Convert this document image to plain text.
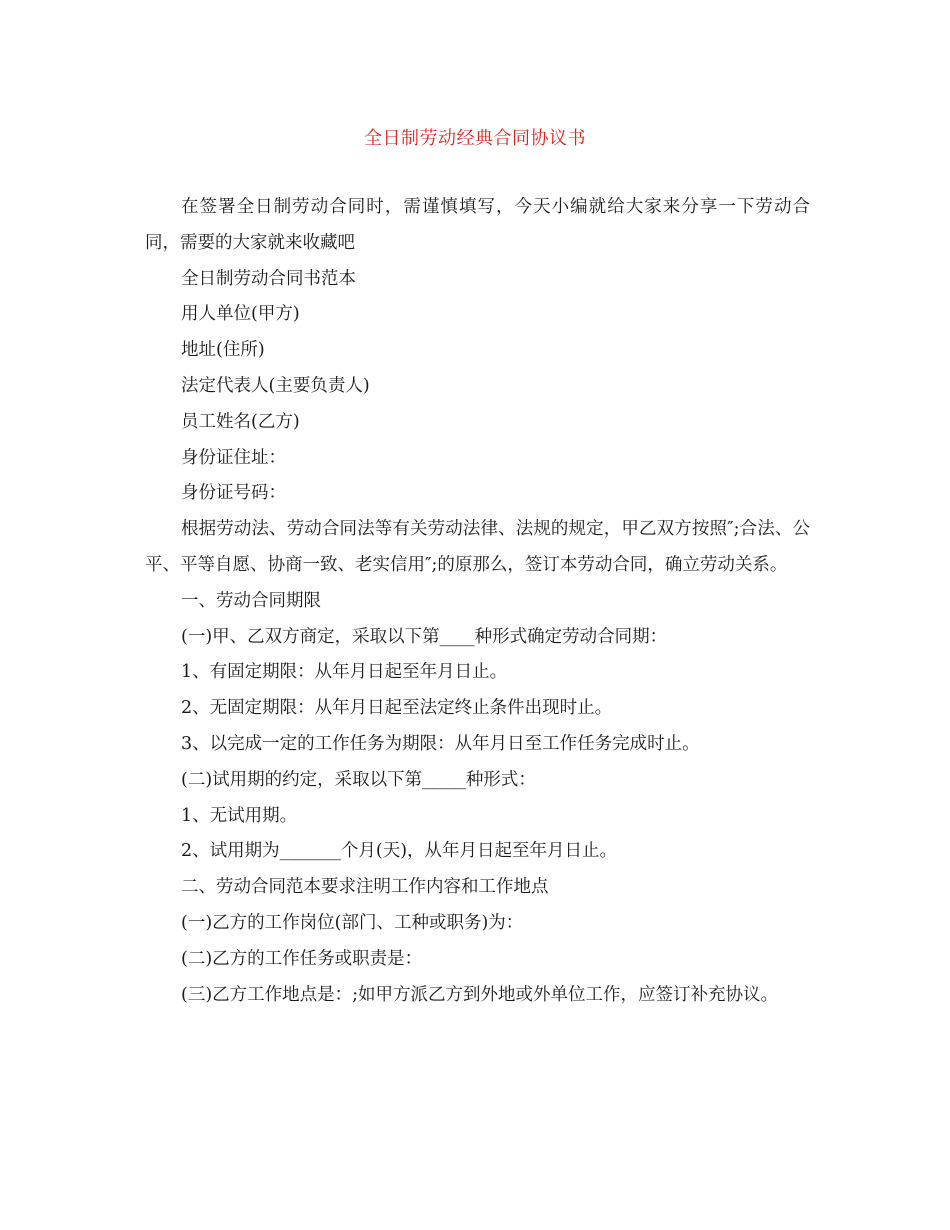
全日制劳动经典合同协议书

在签署全日制劳动合同时，需谨慎填写，今天小编就给大家来分享一下劳动合同，需要的大家就来收藏吧

全日制劳动合同书范本

用人单位(甲方)

地址(住所)

法定代表人(主要负责人)

员工姓名(乙方)

身份证住址：

身份证号码：

根据劳动法、劳动合同法等有关劳动法律、法规的规定，甲乙双方按照″;合法、公平、平等自愿、协商一致、老实信用″;的原那么，签订本劳动合同，确立劳动关系。

一、劳动合同期限

(一)甲、乙双方商定，采取以下第____种形式确定劳动合同期：

1、有固定期限：从年月日起至年月日止。

2、无固定期限：从年月日起至法定终止条件出现时止。

3、以完成一定的工作任务为期限：从年月日至工作任务完成时止。

(二)试用期的约定，采取以下第_____种形式：

1、无试用期。

2、试用期为_______个月(天)，从年月日起至年月日止。

二、劳动合同范本要求注明工作内容和工作地点

(一)乙方的工作岗位(部门、工种或职务)为：

(二)乙方的工作任务或职责是：

(三)乙方工作地点是：;如甲方派乙方到外地或外单位工作，应签订补充协议。
